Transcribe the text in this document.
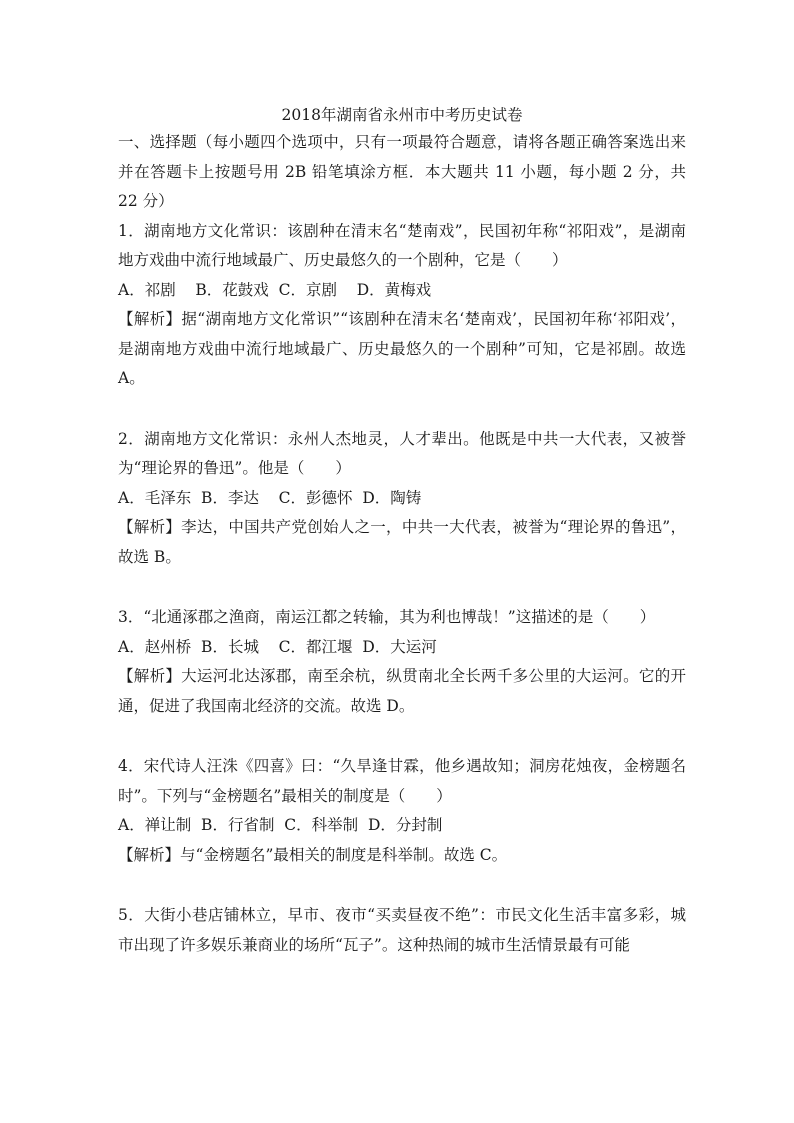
2018年湖南省永州市中考历史试卷

一、选择题（每小题四个选项中，只有一项最符合题意，请将各题正确答案选出来并在答题卡上按题号用 2B 铅笔填涂方框．本大题共 11 小题，每小题 2 分，共 22 分）

1．湖南地方文化常识：该剧种在清末名“楚南戏”，民国初年称“祁阳戏”，是湖南地方戏曲中流行地域最广、历史最悠久的一个剧种，它是（　　）

A．祁剧    B．花鼓戏  C．京剧    D．黄梅戏

【解析】据“湖南地方文化常识”“该剧种在清末名‘楚南戏’，民国初年称‘祁阳戏’，是湖南地方戏曲中流行地域最广、历史最悠久的一个剧种”可知，它是祁剧。故选 A。

2．湖南地方文化常识：永州人杰地灵，人才辈出。他既是中共一大代表，又被誉为“理论界的鲁迅”。他是（　　）

A．毛泽东  B．李达    C．彭德怀  D．陶铸

【解析】李达，中国共产党创始人之一，中共一大代表，被誉为“理论界的鲁迅”，故选 B。

3．“北通涿郡之渔商，南运江都之转输，其为利也博哉！”这描述的是（　　）

A．赵州桥  B．长城    C．都江堰  D．大运河

【解析】大运河北达涿郡，南至余杭，纵贯南北全长两千多公里的大运河。它的开通，促进了我国南北经济的交流。故选 D。

4．宋代诗人汪洙《四喜》曰：“久旱逢甘霖，他乡遇故知；洞房花烛夜，金榜题名时”。下列与“金榜题名”最相关的制度是（　　）

A．禅让制  B．行省制  C．科举制  D．分封制

【解析】与“金榜题名”最相关的制度是科举制。故选 C。

5．大街小巷店铺林立，早市、夜市“买卖昼夜不绝”：市民文化生活丰富多彩，城市出现了许多娱乐兼商业的场所“瓦子”。这种热闹的城市生活情景最有可能
